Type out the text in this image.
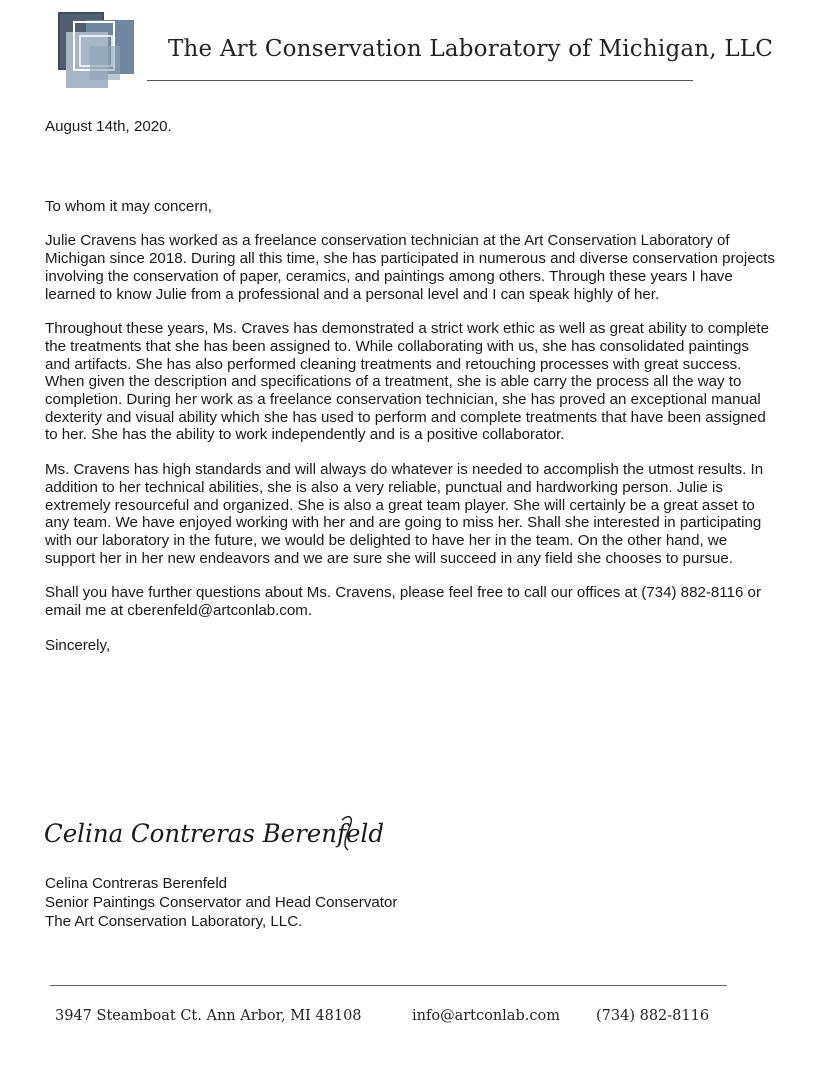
The Art Conservation Laboratory of Michigan, LLC

August 14th, 2020.

To whom it may concern,

Julie Cravens has worked as a freelance conservation technician at the Art Conservation Laboratory of Michigan since 2018. During all this time, she has participated in numerous and diverse conservation projects involving the conservation of paper, ceramics, and paintings among others. Through these years I have learned to know Julie from a professional and a personal level and I can speak highly of her.

Throughout these years, Ms. Craves has demonstrated a strict work ethic as well as great ability to complete the treatments that she has been assigned to. While collaborating with us, she has consolidated paintings and artifacts. She has also performed cleaning treatments and retouching processes with great success. When given the description and specifications of a treatment, she is able carry the process all the way to completion. During her work as a freelance conservation technician, she has proved an exceptional manual dexterity and visual ability which she has used to perform and complete treatments that have been assigned to her. She has the ability to work independently and is a positive collaborator.

Ms. Cravens has high standards and will always do whatever is needed to accomplish the utmost results. In addition to her technical abilities, she is also a very reliable, punctual and hardworking person. Julie is extremely resourceful and organized. She is also a great team player. She will certainly be a great asset to any team. We have enjoyed working with her and are going to miss her. Shall she interested in participating with our laboratory in the future, we would be delighted to have her in the team. On the other hand, we support her in her new endeavors and we are sure she will succeed in any field she chooses to pursue.

Shall you have further questions about Ms. Cravens, please feel free to call our offices at (734) 882-8116 or email me at cberenfeld@artconlab.com.

Sincerely,

Celina Contreras Berenfeld
Celina Contreras Berenfeld
Senior Paintings Conservator and Head Conservator
The Art Conservation Laboratory, LLC.
3947 Steamboat Ct. Ann Arbor, MI 48108	info@artconlab.com (734) 882-8116
